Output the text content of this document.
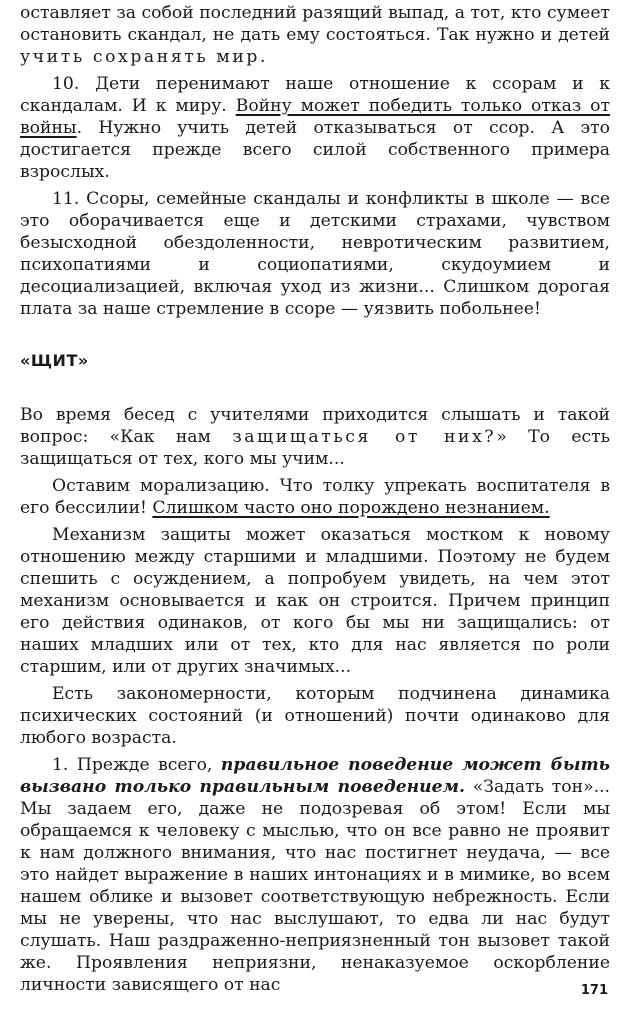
оставляет за собой последний разящий выпад, а тот, кто сумеет остановить скандал, не дать ему состояться. Так нужно и детей учить сохранять мир.

10. Дети перенимают наше отношение к ссорам и к скандалам. И к миру. Войну может победить только отказ от войны. Нужно учить детей отказываться от ссор. А это достигается прежде всего силой собственного примера взрослых.

11. Ссоры, семейные скандалы и конфликты в школе — все это оборачивается еще и детскими страхами, чувством безысходной обездоленности, невротическим развитием, психопатиями и социопатиями, скудоумием и десоциализацией, включая уход из жизни... Слишком дорогая плата за наше стремление в ссоре — уязвить побольнее!

«ЩИТ»

Во время бесед с учителями приходится слышать и такой вопрос: «Как нам защищаться от них?» То есть защищаться от тех, кого мы учим...

Оставим морализацию. Что толку упрекать воспитателя в его бессилии! Слишком часто оно порождено незнанием.

Механизм защиты может оказаться мостком к новому отношению между старшими и младшими. Поэтому не будем спешить с осуждением, а попробуем увидеть, на чем этот механизм основывается и как он строится. Причем принцип его действия одинаков, от кого бы мы ни защищались: от наших младших или от тех, кто для нас является по роли старшим, или от других значимых...

Есть закономерности, которым подчинена динамика психических состояний (и отношений) почти одинаково для любого возраста.

1. Прежде всего, правильное поведение может быть вызвано только правильным поведением. «Задать тон»... Мы задаем его, даже не подозревая об этом! Если мы обращаемся к человеку с мыслью, что он все равно не проявит к нам должного внимания, что нас постигнет неудача, — все это найдет выражение в наших интонациях и в мимике, во всем нашем облике и вызовет соответствующую небрежность. Если мы не уверены, что нас выслушают, то едва ли нас будут слушать. Наш раздраженно-неприязненный тон вызовет такой же. Проявления неприязни, ненаказуемое оскорбление личности зависящего от нас	171
